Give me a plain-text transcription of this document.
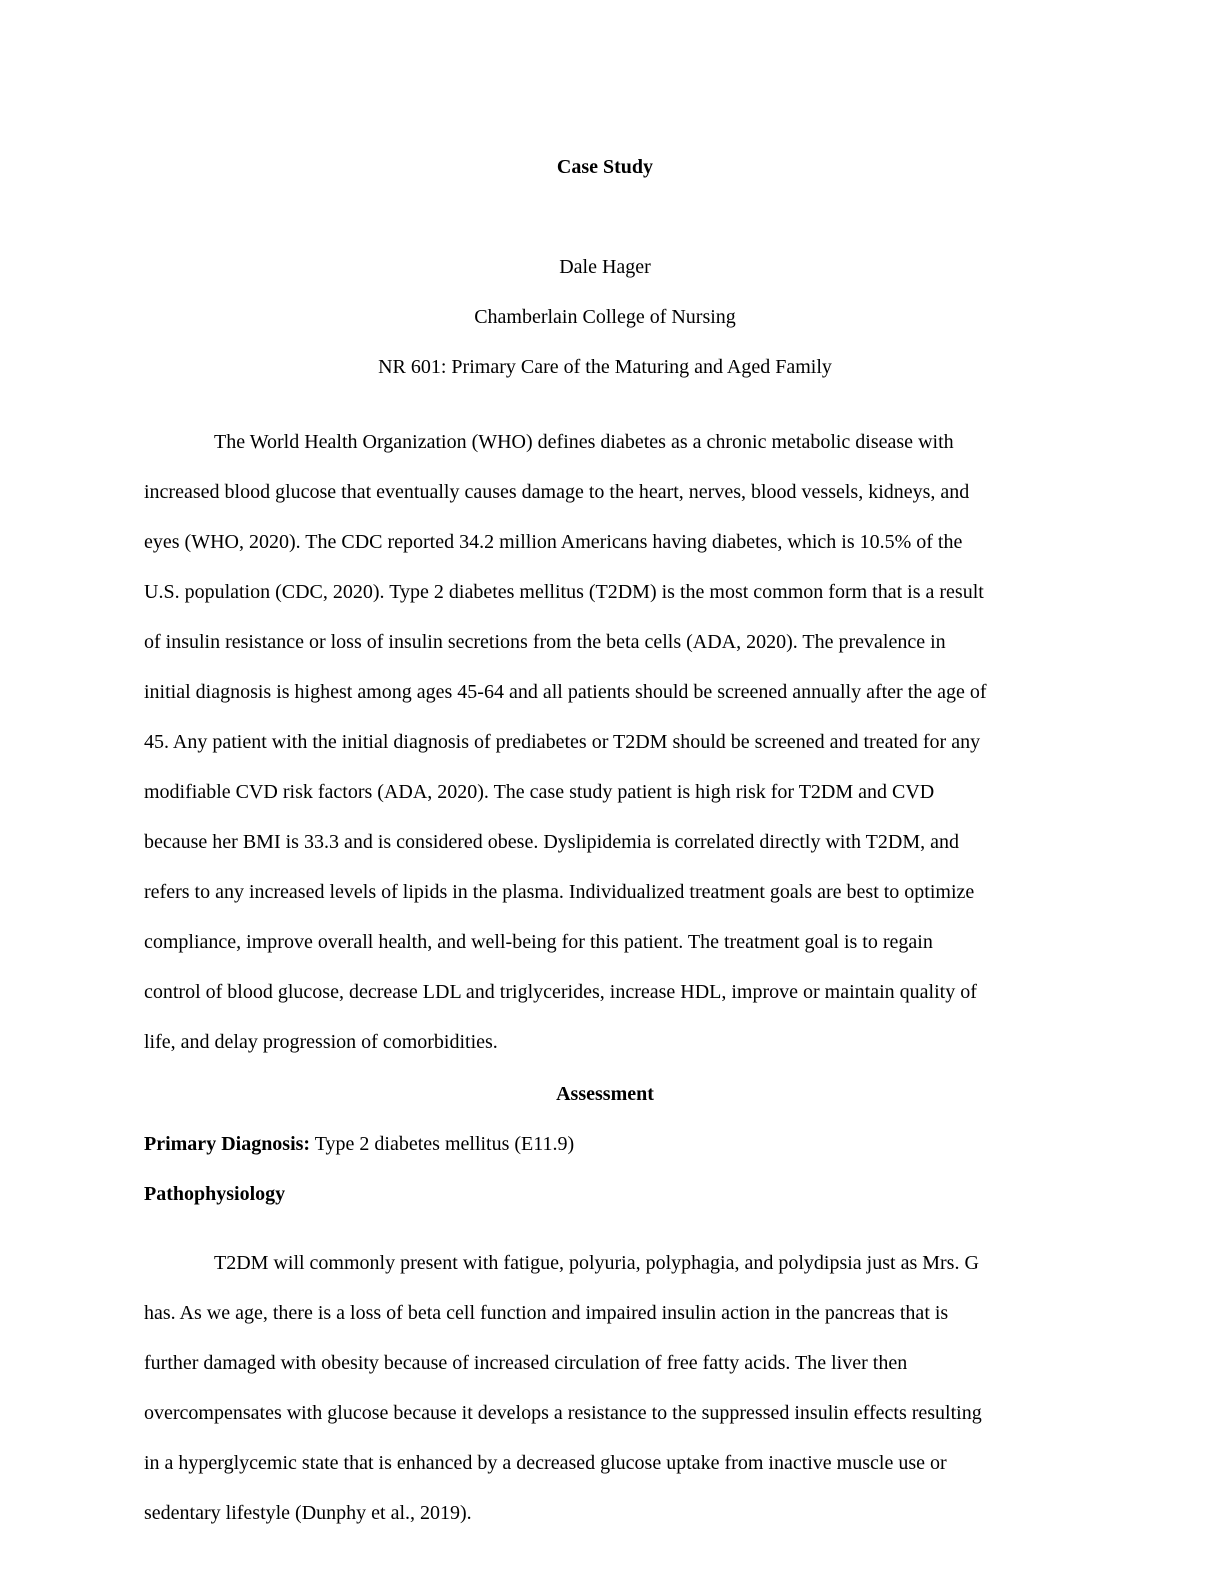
Case Study
Dale Hager
Chamberlain College of Nursing
NR 601: Primary Care of the Maturing and Aged Family
The World Health Organization (WHO) defines diabetes as a chronic metabolic disease with
increased blood glucose that eventually causes damage to the heart, nerves, blood vessels, kidneys, and
eyes (WHO, 2020). The CDC reported 34.2 million Americans having diabetes, which is 10.5% of the
U.S. population (CDC, 2020). Type 2 diabetes mellitus (T2DM) is the most common form that is a result
of insulin resistance or loss of insulin secretions from the beta cells (ADA, 2020). The prevalence in
initial diagnosis is highest among ages 45-64 and all patients should be screened annually after the age of
45. Any patient with the initial diagnosis of prediabetes or T2DM should be screened and treated for any
modifiable CVD risk factors (ADA, 2020). The case study patient is high risk for T2DM and CVD
because her BMI is 33.3 and is considered obese. Dyslipidemia is correlated directly with T2DM, and
refers to any increased levels of lipids in the plasma. Individualized treatment goals are best to optimize
compliance, improve overall health, and well-being for this patient. The treatment goal is to regain
control of blood glucose, decrease LDL and triglycerides, increase HDL, improve or maintain quality of
life, and delay progression of comorbidities.
Assessment
Primary Diagnosis: Type 2 diabetes mellitus (E11.9)
Pathophysiology
T2DM will commonly present with fatigue, polyuria, polyphagia, and polydipsia just as Mrs. G
has. As we age, there is a loss of beta cell function and impaired insulin action in the pancreas that is
further damaged with obesity because of increased circulation of free fatty acids. The liver then
overcompensates with glucose because it develops a resistance to the suppressed insulin effects resulting
in a hyperglycemic state that is enhanced by a decreased glucose uptake from inactive muscle use or
sedentary lifestyle (Dunphy et al., 2019).
